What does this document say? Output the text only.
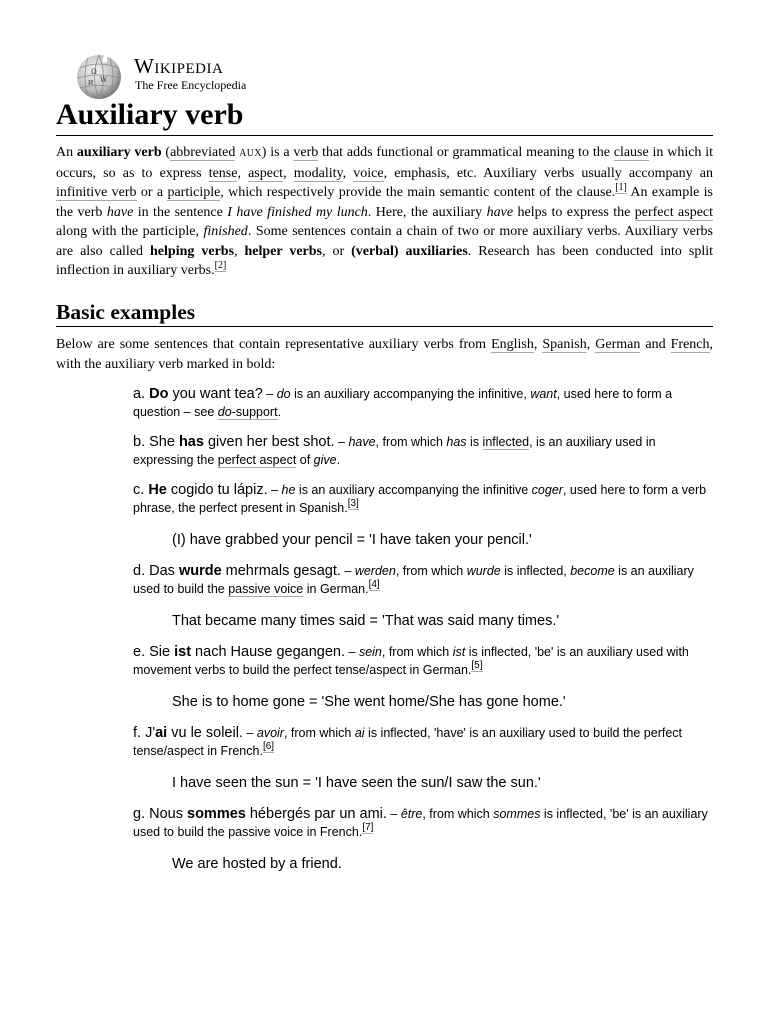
Ω
W
И
Wikipedia
The Free Encyclopedia
Auxiliary verb

An auxiliary verb (abbreviated AUX) is a verb that adds functional or grammatical meaning to the clause in which it occurs, so as to express tense, aspect, modality, voice, emphasis, etc. Auxiliary verbs usually accompany an infinitive verb or a participle, which respectively provide the main semantic content of the clause.[1] An example is the verb have in the sentence I have finished my lunch. Here, the auxiliary have helps to express the perfect aspect along with the participle, finished. Some sentences contain a chain of two or more auxiliary verbs. Auxiliary verbs are also called helping verbs, helper verbs, or (verbal) auxiliaries. Research has been conducted into split inflection in auxiliary verbs.[2]

Basic examples

Below are some sentences that contain representative auxiliary verbs from English, Spanish, German and French, with the auxiliary verb marked in bold:

a. Do you want tea? – do is an auxiliary accompanying the infinitive, want, used here to form a question – see do-support.
b. She has given her best shot. – have, from which has is inflected, is an auxiliary used in expressing the perfect aspect of give.
c. He cogido tu lápiz. – he is an auxiliary accompanying the infinitive coger, used here to form a verb phrase, the perfect present in Spanish.[3]
(I) have grabbed your pencil = 'I have taken your pencil.'
d. Das wurde mehrmals gesagt. – werden, from which wurde is inflected, become is an auxiliary used to build the passive voice in German.[4]
That became many times said = 'That was said many times.'
e. Sie ist nach Hause gegangen. – sein, from which ist is inflected, 'be' is an auxiliary used with movement verbs to build the perfect tense/aspect in German.[5]
She is to home gone = 'She went home/She has gone home.'
f. J'ai vu le soleil. – avoir, from which ai is inflected, 'have' is an auxiliary used to build the perfect tense/aspect in French.[6]
I have seen the sun = 'I have seen the sun/I saw the sun.'
g. Nous sommes hébergés par un ami. – être, from which sommes is inflected, 'be' is an auxiliary used to build the passive voice in French.[7]
We are hosted by a friend.
